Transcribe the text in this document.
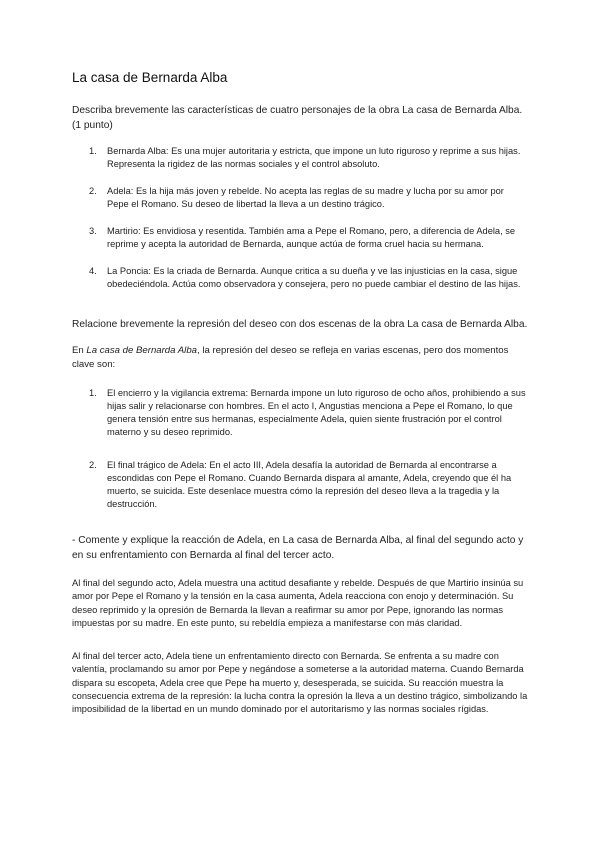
La casa de Bernarda Alba

Describa brevemente las características de cuatro personajes de la obra La casa de Bernarda Alba. (1 punto)

1. Bernarda Alba: Es una mujer autoritaria y estricta, que impone un luto riguroso y reprime a sus hijas. Representa la rigidez de las normas sociales y el control absoluto.
2. Adela: Es la hija más joven y rebelde. No acepta las reglas de su madre y lucha por su amor por Pepe el Romano. Su deseo de libertad la lleva a un destino trágico.
3. Martirio: Es envidiosa y resentida. También ama a Pepe el Romano, pero, a diferencia de Adela, se reprime y acepta la autoridad de Bernarda, aunque actúa de forma cruel hacia su hermana.
4. La Poncia: Es la criada de Bernarda. Aunque critica a su dueña y ve las injusticias en la casa, sigue obedeciéndola. Actúa como observadora y consejera, pero no puede cambiar el destino de las hijas.

Relacione brevemente la represión del deseo con dos escenas de la obra La casa de Bernarda Alba.

En La casa de Bernarda Alba, la represión del deseo se refleja en varias escenas, pero dos momentos clave son:

1. El encierro y la vigilancia extrema: Bernarda impone un luto riguroso de ocho años, prohibiendo a sus hijas salir y relacionarse con hombres. En el acto I, Angustias menciona a Pepe el Romano, lo que genera tensión entre sus hermanas, especialmente Adela, quien siente frustración por el control materno y su deseo reprimido.
2. El final trágico de Adela: En el acto III, Adela desafía la autoridad de Bernarda al encontrarse a escondidas con Pepe el Romano. Cuando Bernarda dispara al amante, Adela, creyendo que él ha muerto, se suicida. Este desenlace muestra cómo la represión del deseo lleva a la tragedia y la destrucción.

- Comente y explique la reacción de Adela, en La casa de Bernarda Alba, al final del segundo acto y en su enfrentamiento con Bernarda al final del tercer acto.

Al final del segundo acto, Adela muestra una actitud desafiante y rebelde. Después de que Martirio insinúa su amor por Pepe el Romano y la tensión en la casa aumenta, Adela reacciona con enojo y determinación. Su deseo reprimido y la opresión de Bernarda la llevan a reafirmar su amor por Pepe, ignorando las normas impuestas por su madre. En este punto, su rebeldía empieza a manifestarse con más claridad.

Al final del tercer acto, Adela tiene un enfrentamiento directo con Bernarda. Se enfrenta a su madre con valentía, proclamando su amor por Pepe y negándose a someterse a la autoridad materna. Cuando Bernarda dispara su escopeta, Adela cree que Pepe ha muerto y, desesperada, se suicida. Su reacción muestra la consecuencia extrema de la represión: la lucha contra la opresión la lleva a un destino trágico, simbolizando la imposibilidad de la libertad en un mundo dominado por el autoritarismo y las normas sociales rígidas.
